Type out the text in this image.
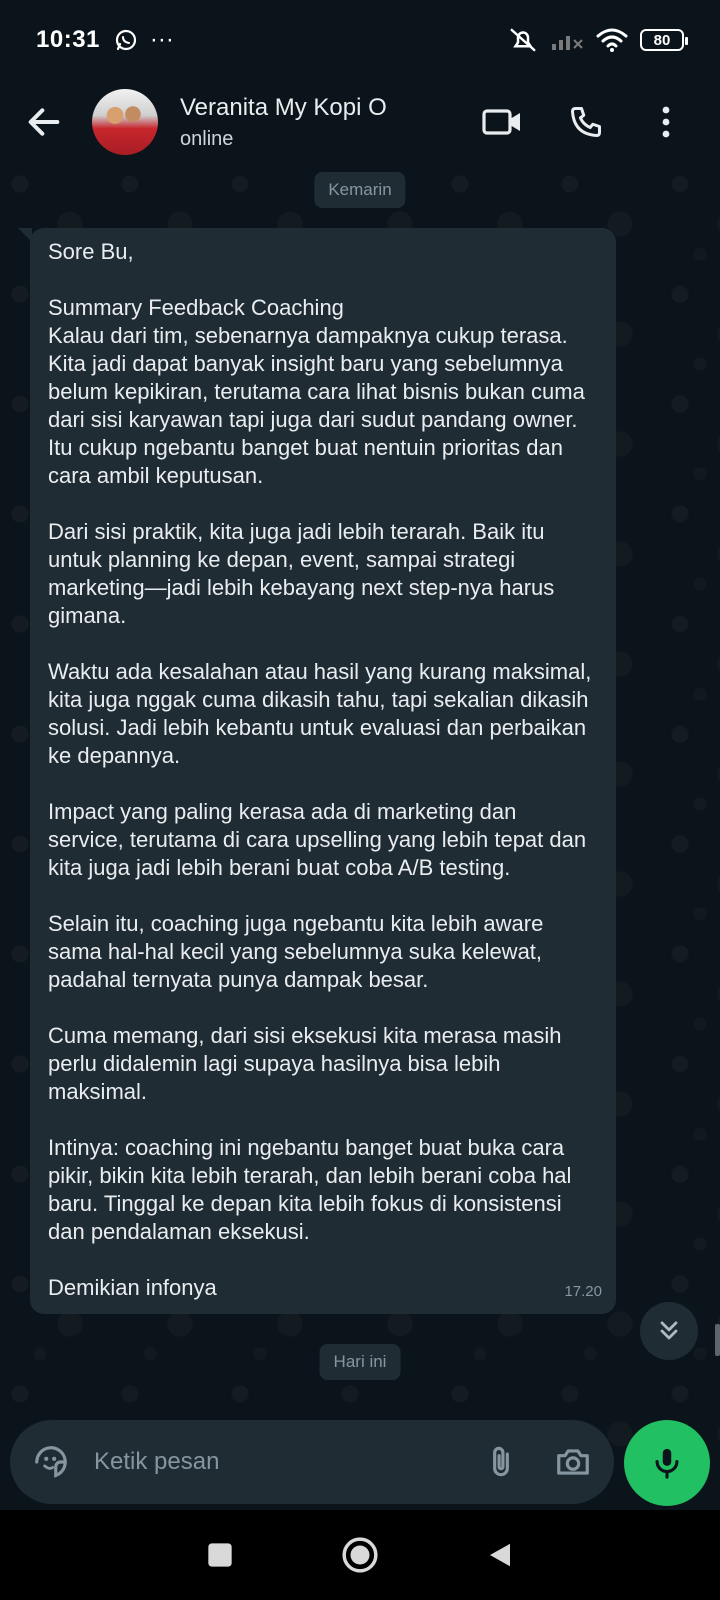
10:31 ···	80
Veranita My Kopi O
online
Kemarin
Sore Bu,

Summary Feedback Coaching
Kalau dari tim, sebenarnya dampaknya cukup terasa.
Kita jadi dapat banyak insight baru yang sebelumnya belum kepikiran, terutama cara lihat bisnis bukan cuma dari sisi karyawan tapi juga dari sudut pandang owner. Itu cukup ngebantu banget buat nentuin prioritas dan cara ambil keputusan.

Dari sisi praktik, kita juga jadi lebih terarah. Baik itu untuk planning ke depan, event, sampai strategi marketing—jadi lebih kebayang next step-nya harus gimana.

Waktu ada kesalahan atau hasil yang kurang maksimal, kita juga nggak cuma dikasih tahu, tapi sekalian dikasih solusi. Jadi lebih kebantu untuk evaluasi dan perbaikan ke depannya.

Impact yang paling kerasa ada di marketing dan service, terutama di cara upselling yang lebih tepat dan kita juga jadi lebih berani buat coba A/B testing.

Selain itu, coaching juga ngebantu kita lebih aware sama hal-hal kecil yang sebelumnya suka kelewat, padahal ternyata punya dampak besar.

Cuma memang, dari sisi eksekusi kita merasa masih perlu didalemin lagi supaya hasilnya bisa lebih maksimal.

Intinya: coaching ini ngebantu banget buat buka cara pikir, bikin kita lebih terarah, dan lebih berani coba hal baru. Tinggal ke depan kita lebih fokus di konsistensi dan pendalaman eksekusi.

Demikian infonya	17.20
Hari ini
Ketik pesan
